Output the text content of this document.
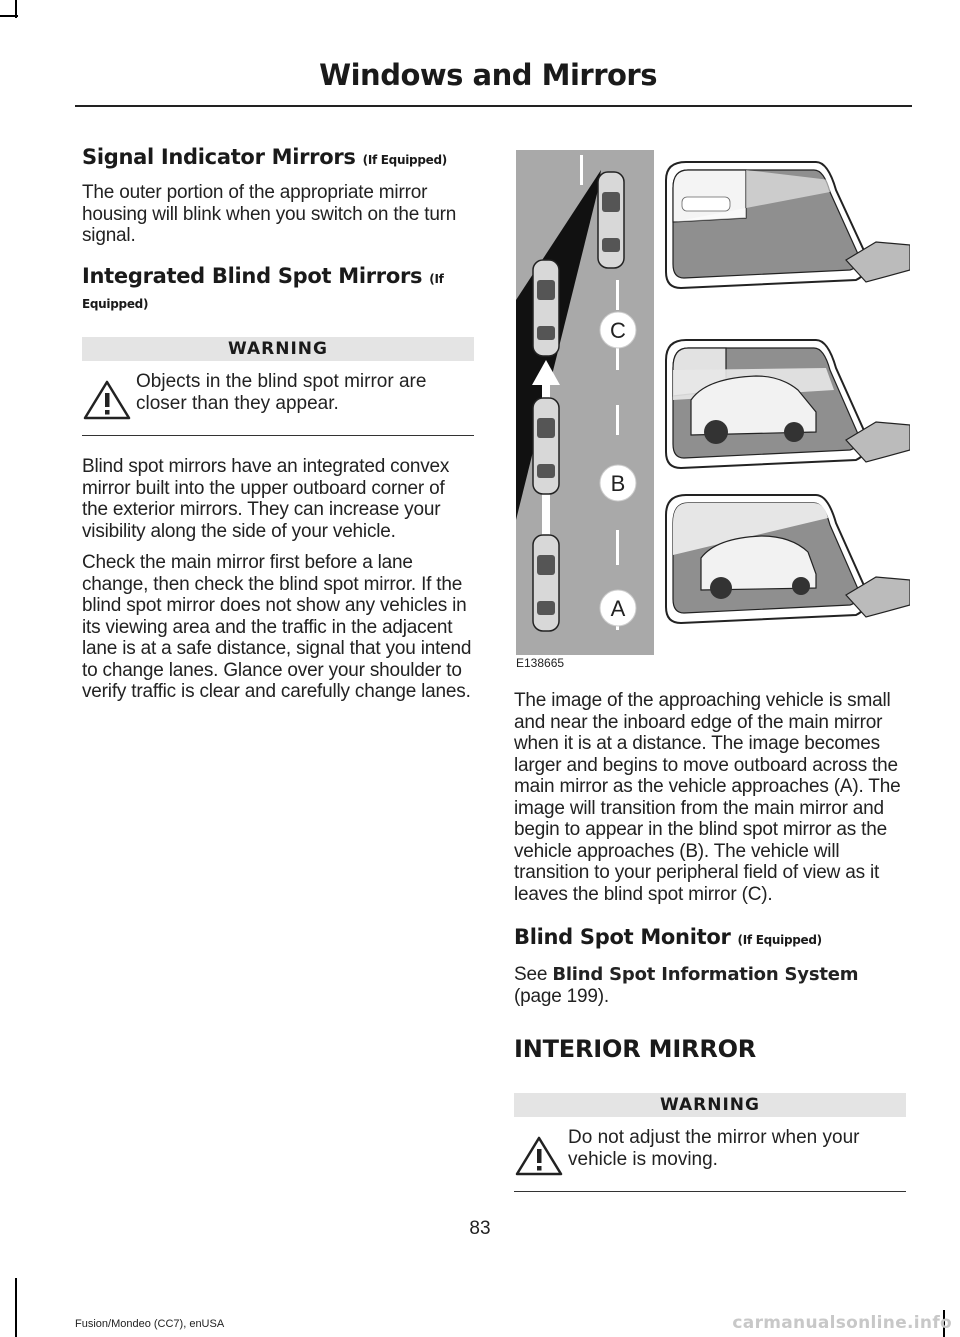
Windows and Mirrors
Signal Indicator Mirrors (If Equipped)

The outer portion of the appropriate mirror housing will blink when you switch on the turn signal.

Integrated Blind Spot Mirrors (If Equipped)
WARNING
Objects in the blind spot mirror are closer than they appear.

Blind spot mirrors have an integrated convex mirror built into the upper outboard corner of the exterior mirrors. They can increase your visibility along the side of your vehicle.

Check the main mirror first before a lane change, then check the blind spot mirror. If the blind spot mirror does not show any vehicles in its viewing area and the traffic in the adjacent lane is at a safe distance, signal that you intend to change lanes. Glance over your shoulder to verify traffic is clear and carefully change lanes.

C
B
A
E138665

The image of the approaching vehicle is small and near the inboard edge of the main mirror when it is at a distance. The image becomes larger and begins to move outboard across the main mirror as the vehicle approaches (A). The image will transition from the main mirror and begin to appear in the blind spot mirror as the vehicle approaches (B). The vehicle will transition to your peripheral field of view as it leaves the blind spot mirror (C).

Blind Spot Monitor (If Equipped)

See Blind Spot Information System
(page 199).

INTERIOR MIRROR
WARNING
Do not adjust the mirror when your vehicle is moving.
83
Fusion/Mondeo (CC7), enUSA	carmanualsonline.info
